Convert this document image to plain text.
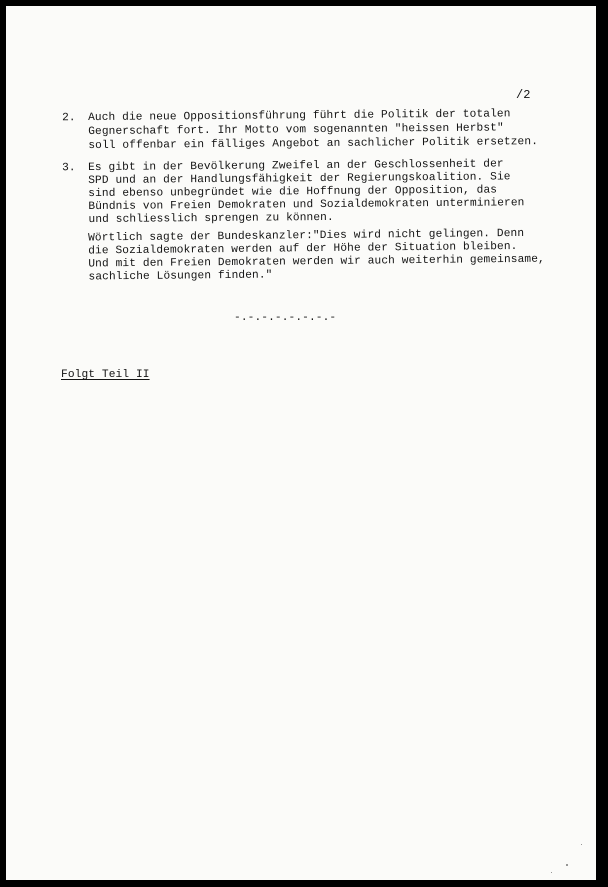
/2
2. Auch die neue Oppositionsführung führt die Politik der totalen
Gegnerschaft fort. Ihr Motto vom sogenannten "heissen Herbst"
soll offenbar ein fälliges Angebot an sachlicher Politik ersetzen.
3. Es gibt in der Bevölkerung Zweifel an der Geschlossenheit der
SPD und an der Handlungsfähigkeit der Regierungskoalition. Sie
sind ebenso unbegründet wie die Hoffnung der Opposition, das
Bündnis von Freien Demokraten und Sozialdemokraten unterminieren
und schliesslich sprengen zu können.
Wörtlich sagte der Bundeskanzler:"Dies wird nicht gelingen. Denn
die Sozialdemokraten werden auf der Höhe der Situation bleiben.
Und mit den Freien Demokraten werden wir auch weiterhin gemeinsame,
sachliche Lösungen finden."
-.-.-.-.-.-.-.-
Folgt Teil II
